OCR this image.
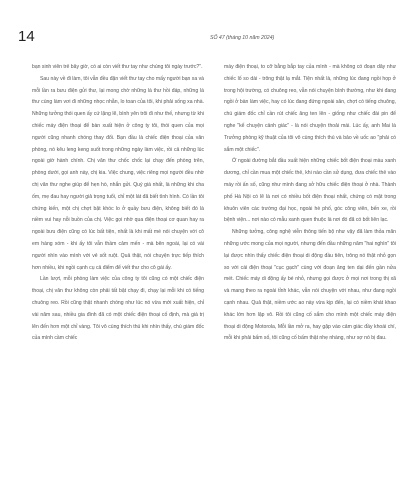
14	SỐ 47 (tháng 10 năm 2024)

bạn sinh viên trẻ bây giờ, có ai còn viết thư tay như chúng tôi ngày trước?".

Sau này về đi làm, tôi vẫn đều đặn viết thư tay cho mấy người bạn xa và mỗi lần ra bưu điện gửi thư, lại mong chờ những lá thư hồi đáp, những lá thư cùng làm vơi đi những nhọc nhằn, lo toan của tôi, khi phải sống xa nhà. Những tưởng thói quen ấy cứ lặng lẽ, bình yên trôi đi như thế, nhưng từ khi chiếc máy điện thoại để bàn xuất hiện ở công ty tôi, thói quen của mọi người cũng nhanh chóng thay đổi. Bạn đầu là chiếc điện thoại của văn phòng, nó kêu leng keng suốt trong những ngày làm việc, rồi cả những lúc ngoài giờ hành chính. Chị văn thư chốc chốc lại chạy đến phòng trên, phòng dưới, gọi anh này, chị kia. Việc chung, việc riêng mọi người đều nhờ chị văn thư nghe giúp để hẹn hò, nhắn gửi. Quý giá nhất, là những khi cha ốm, mẹ đau hay người giả trọng tuổi, chỉ một lát đã biết tình hình. Có lần tôi chứng kiến, một chị chợt bật khóc lo ở quầy bưu điện, không biết đó là niềm vui hay nỗi buồn của chị. Việc gọi nhờ qua điện thoại cơ quan hay ra ngoài bưu điện cũng có lúc bất tiện, nhất là khi mất mé nói chuyện với cô em hàng xóm - khi ấy tôi vẫn thầm cảm mến - mà bên ngoài, lại có vài người nhìn vào mình với vẻ sốt ruột. Quả thật, nói chuyện trực tiếp thích hơn nhiều, khi ngồi cạnh cụ cả điểm để viết thư cho cô gái ấy.

Lần lượt, mỗi phòng làm việc của công ty tôi cũng có một chiếc điện thoại, chị văn thư không còn phải tất bật chạy đi, chạy lại mỗi khi có tiếng chuông reo. Rồi cũng thật nhanh chóng như lúc nó vừa mới xuất hiện, chỉ vài năm sau, nhiều gia đình đã có một chiếc điện thoại cố định, mà giá trị lên đến hơn một chỉ vàng. Tôi vô cùng thích thú khi nhìn thấy, chú giám đốc của mình cầm chiếc

máy điện thoại, to cỡ bằng bắp tay của mình - mà không có đoạn dây như chiếc lố so dài - trông thật lạ mắt. Tiện nhất là, những lúc đang ngồi họp ở trong hội trường, có chuông reo, vẫn nói chuyện bình thường, như khi đang ngồi ở bàn làm việc, hay có lúc đang đứng ngoài sân, chợt có tiếng chuông, chú giám đốc chỉ cần rút chiếc ăng ten lên - giống như chiếc đài pin để nghe "kể chuyện cảnh giác" - là nói chuyện thoải mái. Lúc ấy, anh Mai là Trưởng phòng kỹ thuật của tôi vô cùng thích thú và bảo về uốc ao "phải có sắm một chiếc".

Ở ngoài đường bắt đầu xuất hiện những chiếc bốt điện thoại màu xanh dương, chỉ cần mua một chiếc thẻ, khi nào cần sử dụng, đưa chiếc thẻ vào máy rồi ấn số, cũng như mình đang sở hữu chiếc điện thoại ở nhà. Thành phố Hà Nội có lẽ là nơi có nhiều bốt điện thoại nhất, chứng có mặt trong khuôn viên các trường đại học, ngoài hè phố, góc công viên, bến xe, rồi bệnh viện... nơi nào có mẫu xanh quen thuộc là nơi đó đã có bốt liên lạc.

Những tưởng, công nghệ viễn thông tiến bộ như vậy đã làm thỏa mãn những ước mong của mọi người, nhưng đến đầu những năm "hai nghìn" tôi lại được nhìn thấy chiếc điện thoại di động đầu tiên, trông nó thật nhỏ gọn so với cái điện thoại "cục gạch" cùng với đoạn ăng ten dại đến gần nửa mét. Chiếc máy di động ấy bé nhỏ, nhưng gọi được ở mọi nơi trong thị xã và mang theo ra ngoài tỉnh khác, vẫn nói chuyện với nhau, như đang ngồi cạnh nhau. Quả thật, niềm ước ao này vừa kịp đến, lại có niềm khát khao khác lớn hơn lặp vô. Rồi tôi cũng cố sắm cho mình một chiếc máy điện thoại di động Motorola, Mỗi lần mở ra, hay gặp vào cảm giác đầy khoái chí, mỗi khi phải bấm số, tôi cũng cố bấm thật nhẹ nhàng, như sợ nó bị đau.
